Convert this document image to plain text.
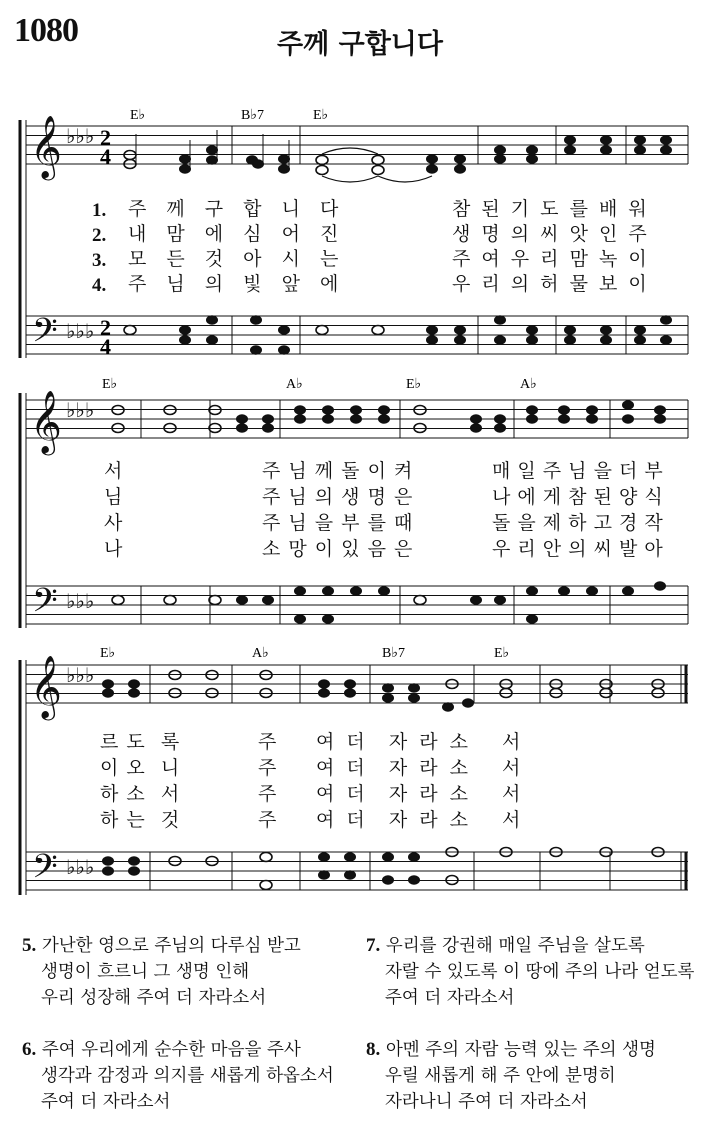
1080	주께 구합니다
𝄞
𝄢
♭♭♭
♭♭♭
𝄞
𝄢
♭♭♭
♭♭♭
𝄞
𝄢
♭♭♭
♭♭♭
2
4
2
4
E♭	B♭7	E♭
E♭	A♭	E♭	A♭
E♭	A♭	B♭7	E♭
1. 주 께 구 합 니 다	참 된 기 도 를 배 워
2. 내 맘 에 심 어 진	생 명 의 씨 앗 인 주
3. 모 든 것 아 시 는	주 여 우 리 맘 녹 이
4. 주 님 의 빛 앞 에	우 리 의 허 물 보 이
서	주 님 께 돌 이 켜	매 일 주 님 을 더 부
님	주 님 의 생 명 은	나 에 게 참 된 양 식
사	주 님 을 부 를 때	돌 을 제 하 고 경 작
나	소 망 이 있 음 은	우 리 안 의 씨 발 아
르 도  록	주 여 더  자 라 소 서
이 오  니	주 여 더  자 라 소 서
하 소  서	주 여 더  자 라 소 서
하 는  것	주 여 더  자 라 소 서
5. 가난한 영으로 주님의 다루심 받고
생명이 흐르니 그 생명 인해
우리 성장해 주여 더 자라소서
7. 우리를 강권해 매일 주님을 살도록
자랄 수 있도록 이 땅에 주의 나라 얻도록
주여 더 자라소서
6. 주여 우리에게 순수한 마음을 주사
생각과 감정과 의지를 새롭게 하옵소서
주여 더 자라소서
8. 아멘 주의 자람 능력 있는 주의 생명
우릴 새롭게 해 주 안에 분명히
자라나니 주여 더 자라소서
